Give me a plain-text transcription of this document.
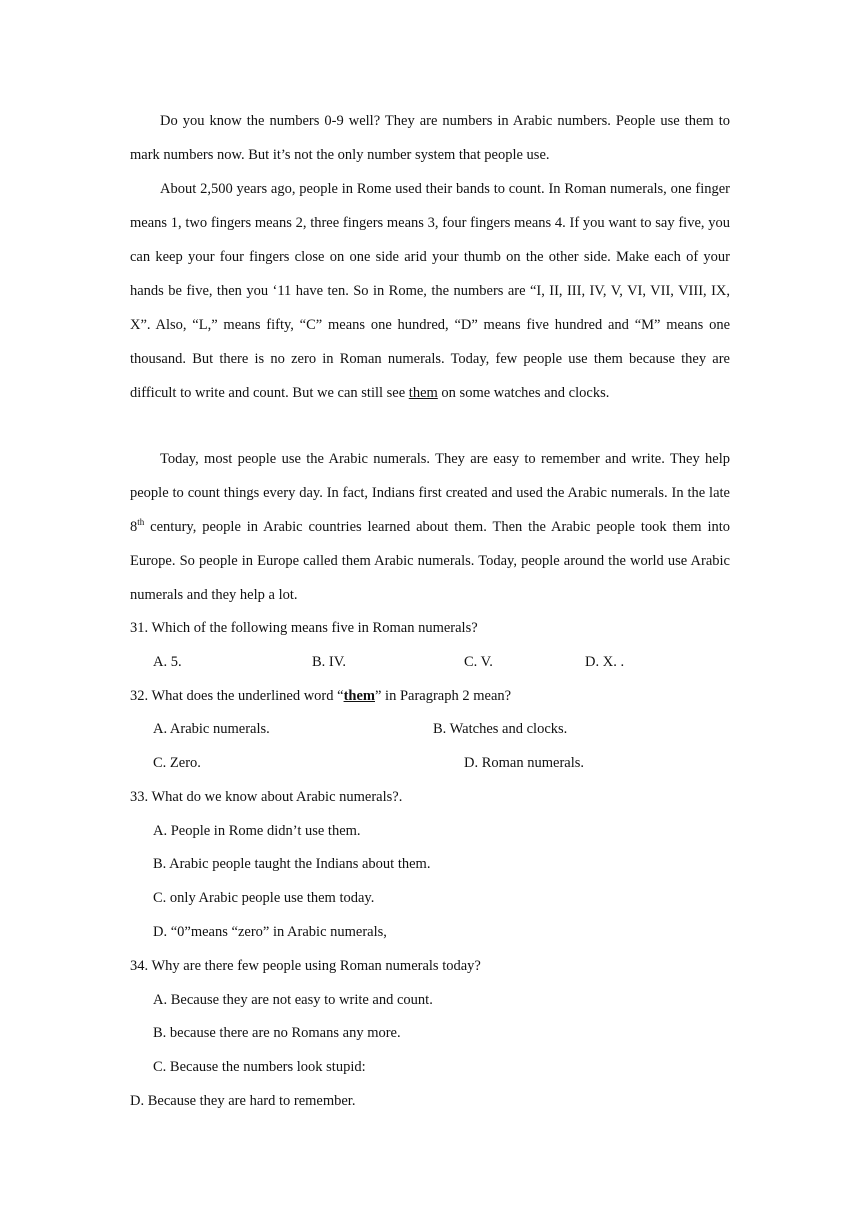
Do you know the numbers 0-9 well? They are numbers in Arabic numbers. People use them to mark numbers now. But it’s not the only number system that people use.

About 2,500 years ago, people in Rome used their bands to count. In Roman numerals, one finger means 1, two fingers means 2, three fingers means 3, four fingers means 4. If you want to say five, you can keep your four fingers close on one side arid your thumb on the other side. Make each of your hands be five, then you ‘11 have ten. So in Rome, the numbers are “I, II, III, IV, V, VI, VII, VIII, IX, X”. Also, “L,” means fifty, “C” means one hundred, “D” means five hundred and “M” means one thousand. But there is no zero in Roman numerals. Today, few people use them because they are difficult to write and count. But we can still see them on some watches and clocks.

Today, most people use the Arabic numerals. They are easy to remember and write. They help people to count things every day. In fact, Indians first created and used the Arabic numerals. In the late 8th century, people in Arabic countries learned about them. Then the Arabic people took them into Europe. So people in Europe called them Arabic numerals. Today, people around the world use Arabic numerals and they help a lot.

31. Which of the following means five in Roman numerals?
A. 5.	B. IV.	C. V.	D. X. .
32. What does the underlined word “them” in Paragraph 2 mean?
A. Arabic numerals.	B. Watches and clocks.
C. Zero.	D. Roman numerals.
33. What do we know about Arabic numerals?.
A. People in Rome didn’t use them.
B. Arabic people taught the Indians about them.
C. only Arabic people use them today.
D. “0”means “zero” in Arabic numerals,
34. Why are there few people using Roman numerals today?
A. Because they are not easy to write and count.
B. because there are no Romans any more.
C. Because the numbers look stupid:
D. Because they are hard to remember.
